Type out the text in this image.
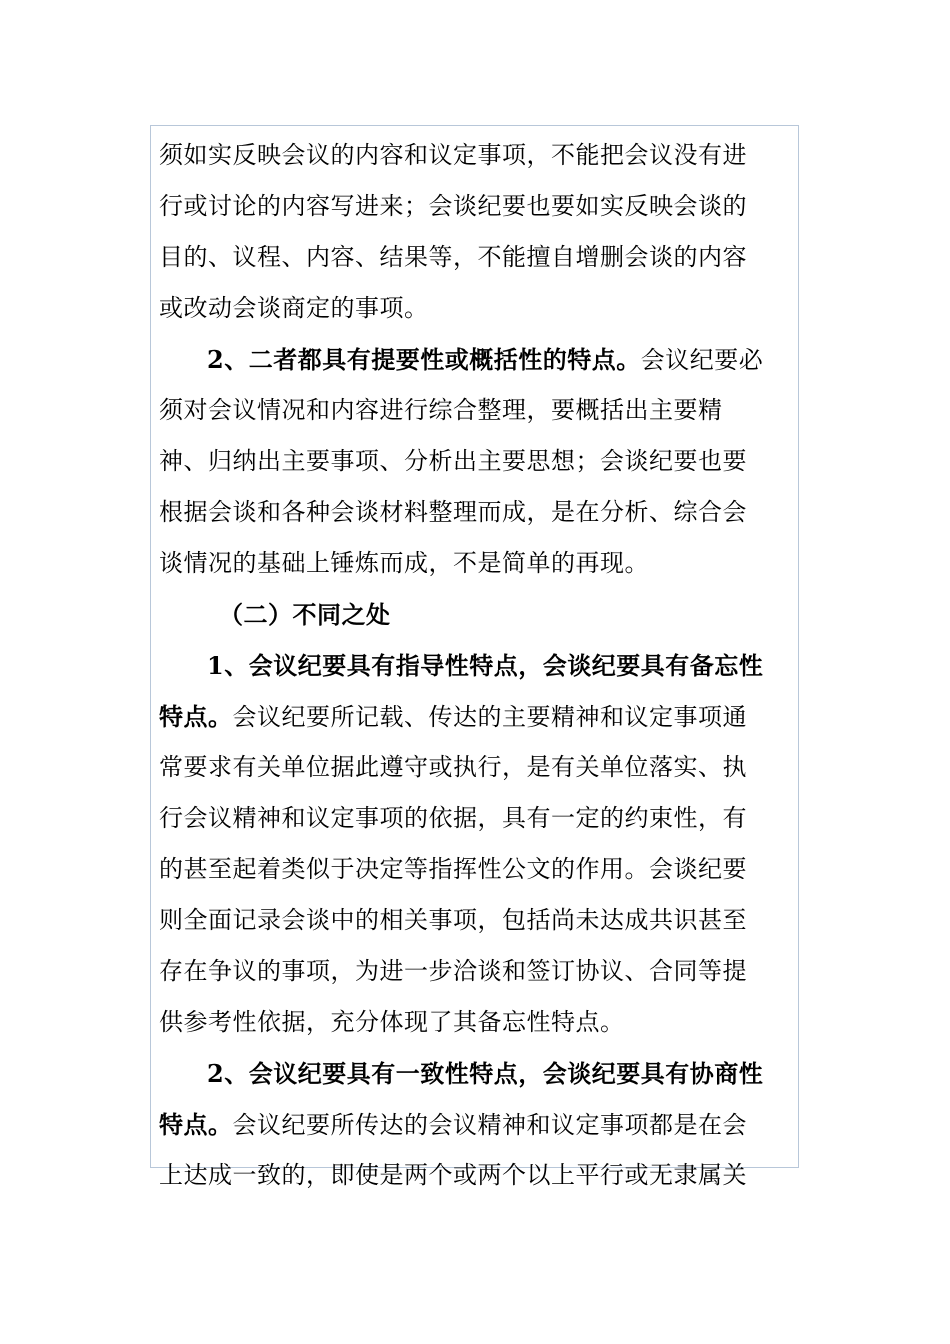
须如实反映会议的内容和议定事项，不能把会议没有进
行或讨论的内容写进来；会谈纪要也要如实反映会谈的
目的、议程、内容、结果等，不能擅自增删会谈的内容
或改动会谈商定的事项。
2、二者都具有提要性或概括性的特点。会议纪要必
须对会议情况和内容进行综合整理，要概括出主要精
神、归纳出主要事项、分析出主要思想；会谈纪要也要
根据会谈和各种会谈材料整理而成，是在分析、综合会
谈情况的基础上锤炼而成，不是简单的再现。
（二）不同之处
1、会议纪要具有指导性特点，会谈纪要具有备忘性
特点。会议纪要所记载、传达的主要精神和议定事项通
常要求有关单位据此遵守或执行，是有关单位落实、执
行会议精神和议定事项的依据，具有一定的约束性，有
的甚至起着类似于决定等指挥性公文的作用。会谈纪要
则全面记录会谈中的相关事项，包括尚未达成共识甚至
存在争议的事项，为进一步洽谈和签订协议、合同等提
供参考性依据，充分体现了其备忘性特点。
2、会议纪要具有一致性特点，会谈纪要具有协商性
特点。会议纪要所传达的会议精神和议定事项都是在会
上达成一致的，即使是两个或两个以上平行或无隶属关
